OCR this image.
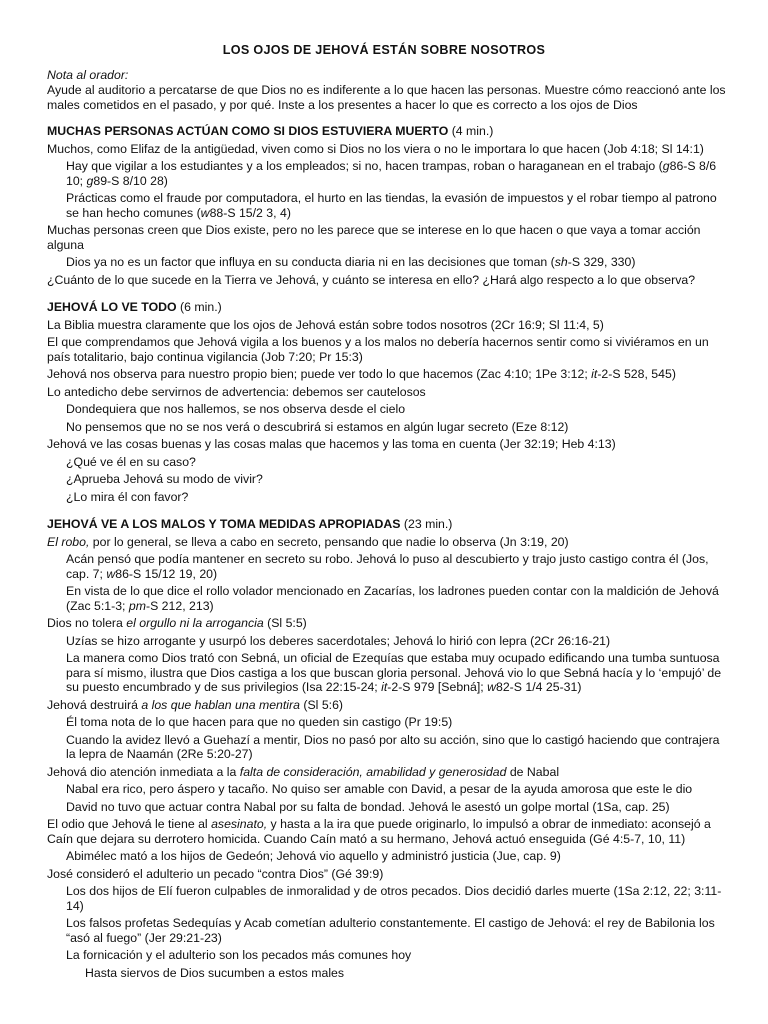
LOS OJOS DE JEHOVÁ ESTÁN SOBRE NOSOTROS
Nota al orador:
Ayude al auditorio a percatarse de que Dios no es indiferente a lo que hacen las personas. Muestre cómo reaccionó ante los males cometidos en el pasado, y por qué. Inste a los presentes a hacer lo que es correcto a los ojos de Dios
MUCHAS PERSONAS ACTÚAN COMO SI DIOS ESTUVIERA MUERTO (4 min.)
Muchos, como Elifaz de la antigüedad, viven como si Dios no los viera o no le importara lo que hacen (Job 4:18; Sl 14:1)
Hay que vigilar a los estudiantes y a los empleados; si no, hacen trampas, roban o haraganean en el trabajo (g86-S 8/6 10; g89-S 8/10 28)
Prácticas como el fraude por computadora, el hurto en las tiendas, la evasión de impuestos y el robar tiempo al patrono se han hecho comunes (w88-S 15/2 3, 4)
Muchas personas creen que Dios existe, pero no les parece que se interese en lo que hacen o que vaya a tomar acción alguna
Dios ya no es un factor que influya en su conducta diaria ni en las decisiones que toman (sh-S 329, 330)
¿Cuánto de lo que sucede en la Tierra ve Jehová, y cuánto se interesa en ello? ¿Hará algo respecto a lo que observa?
JEHOVÁ LO VE TODO (6 min.)
La Biblia muestra claramente que los ojos de Jehová están sobre todos nosotros (2Cr 16:9; Sl 11:4, 5)
El que comprendamos que Jehová vigila a los buenos y a los malos no debería hacernos sentir como si viviéramos en un país totalitario, bajo continua vigilancia (Job 7:20; Pr 15:3)
Jehová nos observa para nuestro propio bien; puede ver todo lo que hacemos (Zac 4:10; 1Pe 3:12; it-2-S 528, 545)
Lo antedicho debe servirnos de advertencia: debemos ser cautelosos
Dondequiera que nos hallemos, se nos observa desde el cielo
No pensemos que no se nos verá o descubrirá si estamos en algún lugar secreto (Eze 8:12)
Jehová ve las cosas buenas y las cosas malas que hacemos y las toma en cuenta (Jer 32:19; Heb 4:13)
¿Qué ve él en su caso?
¿Aprueba Jehová su modo de vivir?
¿Lo mira él con favor?
JEHOVÁ VE A LOS MALOS Y TOMA MEDIDAS APROPIADAS (23 min.)
El robo, por lo general, se lleva a cabo en secreto, pensando que nadie lo observa (Jn 3:19, 20)
Acán pensó que podía mantener en secreto su robo. Jehová lo puso al descubierto y trajo justo castigo contra él (Jos, cap. 7; w86-S 15/12 19, 20)
En vista de lo que dice el rollo volador mencionado en Zacarías, los ladrones pueden contar con la maldición de Jehová (Zac 5:1-3; pm-S 212, 213)
Dios no tolera el orgullo ni la arrogancia (Sl 5:5)
Uzías se hizo arrogante y usurpó los deberes sacerdotales; Jehová lo hirió con lepra (2Cr 26:16-21)
La manera como Dios trató con Sebná, un oficial de Ezequías que estaba muy ocupado edificando una tumba suntuosa para sí mismo, ilustra que Dios castiga a los que buscan gloria personal. Jehová vio lo que Sebná hacía y lo ‘empujó’ de su puesto encumbrado y de sus privilegios (Isa 22:15-24; it-2-S 979 [Sebná]; w82-S 1/4 25-31)
Jehová destruirá a los que hablan una mentira (Sl 5:6)
Él toma nota de lo que hacen para que no queden sin castigo (Pr 19:5)
Cuando la avidez llevó a Guehazí a mentir, Dios no pasó por alto su acción, sino que lo castigó haciendo que contrajera la lepra de Naamán (2Re 5:20-27)
Jehová dio atención inmediata a la falta de consideración, amabilidad y generosidad de Nabal
Nabal era rico, pero áspero y tacaño. No quiso ser amable con David, a pesar de la ayuda amorosa que este le dio
David no tuvo que actuar contra Nabal por su falta de bondad. Jehová le asestó un golpe mortal (1Sa, cap. 25)
El odio que Jehová le tiene al asesinato, y hasta a la ira que puede originarlo, lo impulsó a obrar de inmediato: aconsejó a Caín que dejara su derrotero homicida. Cuando Caín mató a su hermano, Jehová actuó enseguida (Gé 4:5-7, 10, 11)
Abimélec mató a los hijos de Gedeón; Jehová vio aquello y administró justicia (Jue, cap. 9)
José consideró el adulterio un pecado “contra Dios” (Gé 39:9)
Los dos hijos de Elí fueron culpables de inmoralidad y de otros pecados. Dios decidió darles muerte (1Sa 2:12, 22; 3:11-14)
Los falsos profetas Sedequías y Acab cometían adulterio constantemente. El castigo de Jehová: el rey de Babilonia los “asó al fuego” (Jer 29:21-23)
La fornicación y el adulterio son los pecados más comunes hoy
Hasta siervos de Dios sucumben a estos males
